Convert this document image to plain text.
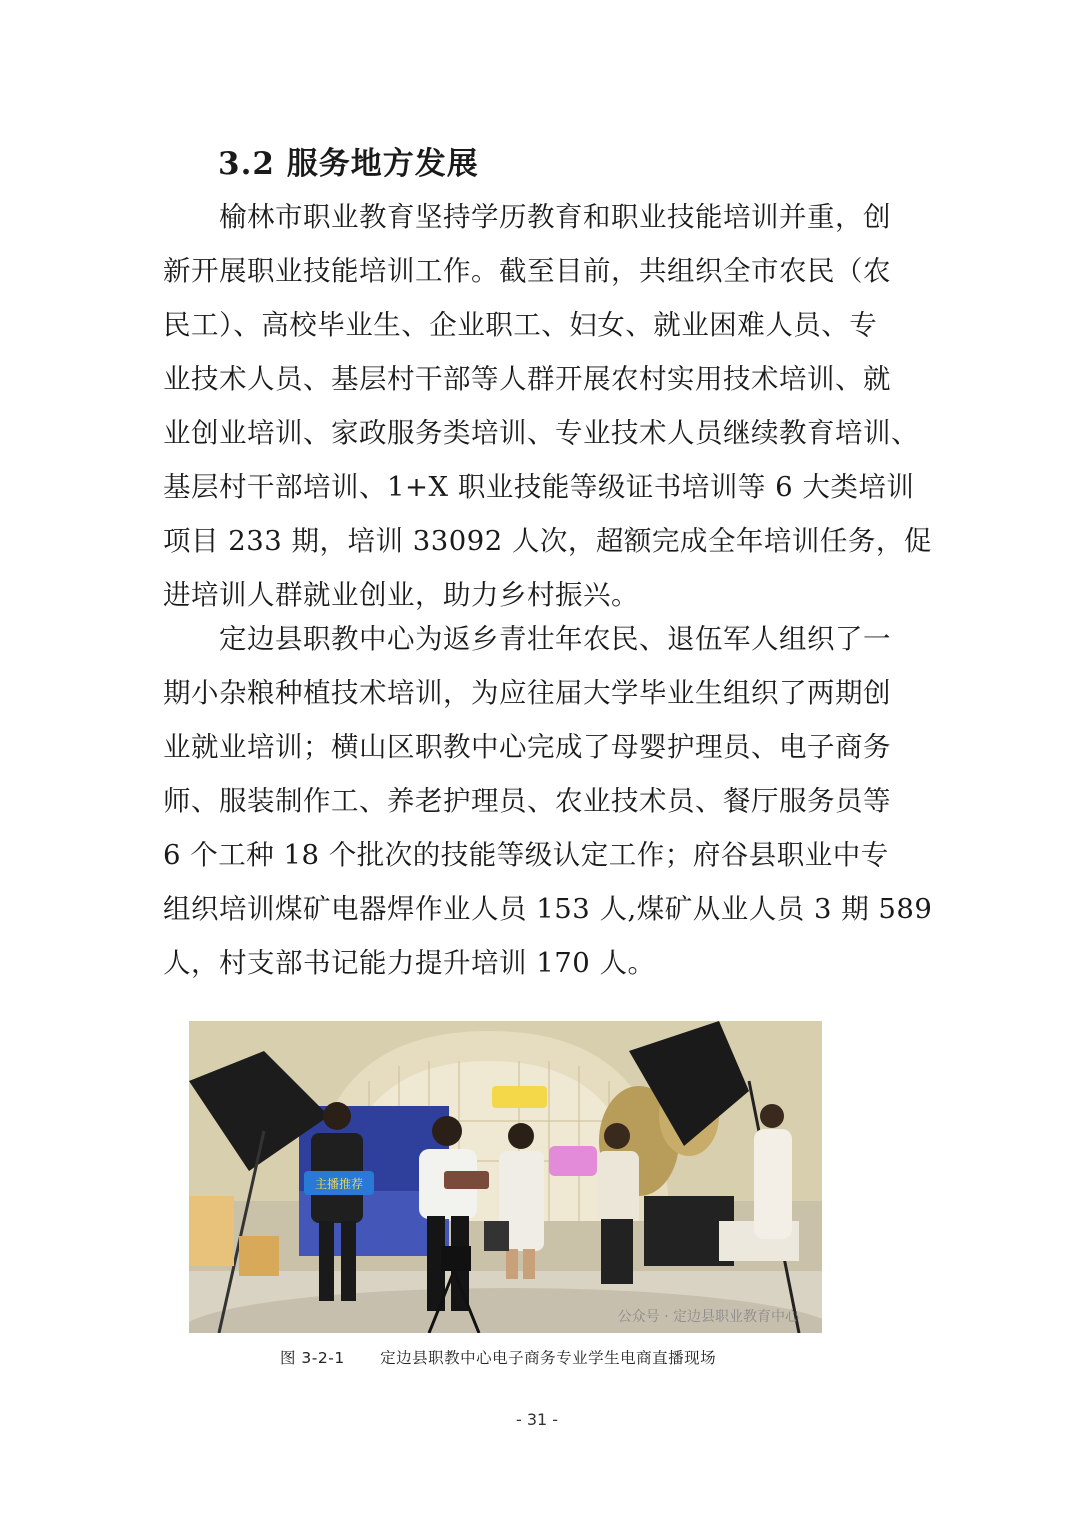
3.2 服务地方发展
　　榆林市职业教育坚持学历教育和职业技能培训并重，创
新开展职业技能培训工作。截至目前，共组织全市农民（农
民工）、高校毕业生、企业职工、妇女、就业困难人员、专
业技术人员、基层村干部等人群开展农村实用技术培训、就
业创业培训、家政服务类培训、专业技术人员继续教育培训、
基层村干部培训、1+X 职业技能等级证书培训等 6 大类培训
项目 233 期，培训 33092 人次，超额完成全年培训任务，促
进培训人群就业创业，助力乡村振兴。
　　定边县职教中心为返乡青壮年农民、退伍军人组织了一
期小杂粮种植技术培训，为应往届大学毕业生组织了两期创
业就业培训；横山区职教中心完成了母婴护理员、电子商务
师、服装制作工、养老护理员、农业技术员、餐厅服务员等
6 个工种 18 个批次的技能等级认定工作；府谷县职业中专
组织培训煤矿电器焊作业人员 153 人,煤矿从业人员 3 期 589
人，村支部书记能力提升培训 170 人。
主播推荐
公众号 · 定边县职业教育中心
图 3-2-1 定边县职教中心电子商务专业学生电商直播现场
- 31 -
